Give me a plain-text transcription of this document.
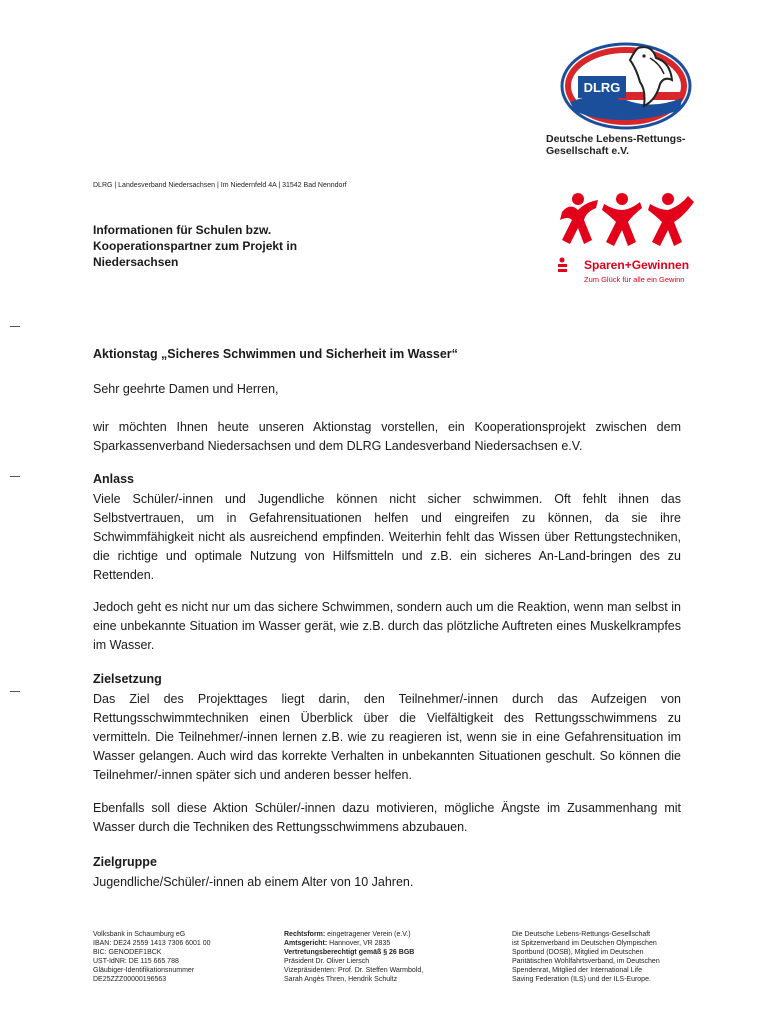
DLRG
Deutsche Lebens-Rettungs-
Gesellschaft e.V.
Sparen+Gewinnen
Zum Glück für alle ein Gewinn
DLRG | Landesverband Niedersachsen | Im Niedernfeld 4A | 31542 Bad Nenndorf
Informationen für Schulen bzw.
Kooperationspartner zum Projekt in
Niedersachsen
Aktionstag „Sicheres Schwimmen und Sicherheit im Wasser“
Sehr geehrte Damen und Herren,
wir möchten Ihnen heute unseren Aktionstag vorstellen, ein Kooperationsprojekt zwischen dem Sparkassenverband Niedersachsen und dem DLRG Landesverband Niedersachsen e.V.
Anlass
Viele Schüler/-innen und Jugendliche können nicht sicher schwimmen. Oft fehlt ihnen das Selbstvertrauen, um in Gefahrensituationen helfen und eingreifen zu können, da sie ihre Schwimmfähigkeit nicht als ausreichend empfinden. Weiterhin fehlt das Wissen über Rettungstechniken, die richtige und optimale Nutzung von Hilfsmitteln und z.B. ein sicheres An-Land-bringen des zu Rettenden.
Jedoch geht es nicht nur um das sichere Schwimmen, sondern auch um die Reaktion, wenn man selbst in eine unbekannte Situation im Wasser gerät, wie z.B. durch das plötzliche Auftreten eines Muskelkrampfes im Wasser.
Zielsetzung
Das Ziel des Projekttages liegt darin, den Teilnehmer/-innen durch das Aufzeigen von Rettungsschwimmtechniken einen Überblick über die Vielfältigkeit des Rettungsschwimmens zu vermitteln. Die Teilnehmer/-innen lernen z.B. wie zu reagieren ist, wenn sie in eine Gefahrensituation im Wasser gelangen. Auch wird das korrekte Verhalten in unbekannten Situationen geschult. So können die Teilnehmer/-innen später sich und anderen besser helfen.
Ebenfalls soll diese Aktion Schüler/-innen dazu motivieren, mögliche Ängste im Zusammenhang mit Wasser durch die Techniken des Rettungsschwimmens abzubauen.
Zielgruppe
Jugendliche/Schüler/-innen ab einem Alter von 10 Jahren.
Volksbank in Schaumburg eG
IBAN: DE24 2559 1413 7306 6001 00
BIC: GENODEF1BCK
UST-IdNR: DE 115 665 788
Gläubiger-Identifikationsnummer
DE25ZZZ00000196563
Rechtsform: eingetragener Verein (e.V.)
Amtsgericht: Hannover, VR 2835
Vertretungsberechtigt gemäß § 26 BGB
Präsident Dr. Oliver Liersch
Vizepräsidenten: Prof. Dr. Steffen Warmbold,
Sarah Angès Thren, Hendrik Schultz
Die Deutsche Lebens-Rettungs-Gesellschaft
ist Spitzenverband im Deutschen Olympischen
Sportbund (DOSB), Mitglied im Deutschen
Paritätischen Wohlfahrtsverband, im Deutschen
Spendenrat, Mitglied der International Life
Saving Federation (ILS) und der ILS-Europe.
